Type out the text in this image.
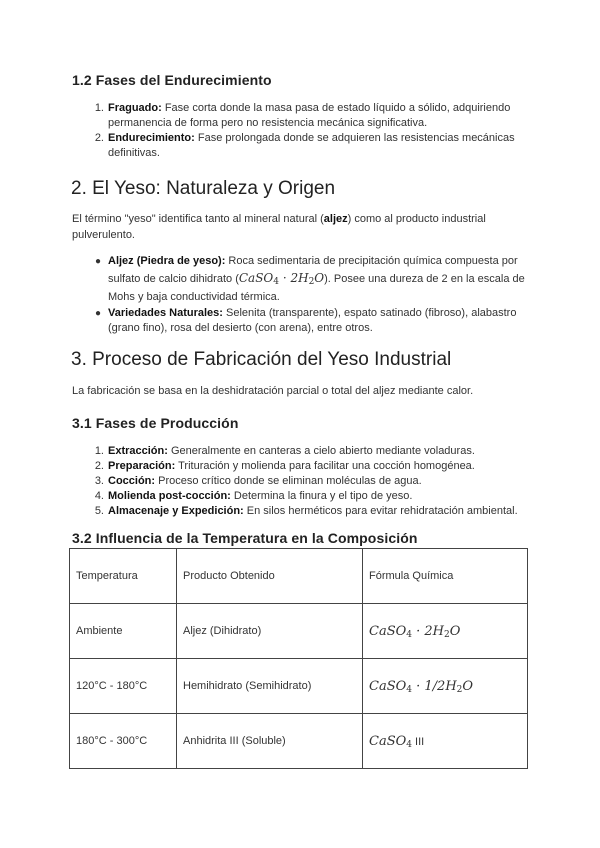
1.2 Fases del Endurecimiento
1. Fraguado: Fase corta donde la masa pasa de estado líquido a sólido, adquiriendo permanencia de forma pero no resistencia mecánica significativa.
2. Endurecimiento: Fase prolongada donde se adquieren las resistencias mecánicas definitivas.
2. El Yeso: Naturaleza y Origen

El término "yeso" identifica tanto al mineral natural (aljez) como al producto industrial pulverulento.

● Aljez (Piedra de yeso): Roca sedimentaria de precipitación química compuesta por sulfato de calcio dihidrato (CaSO4 · 2H2O). Posee una dureza de 2 en la escala de Mohs y baja conductividad térmica.
● Variedades Naturales: Selenita (transparente), espato satinado (fibroso), alabastro (grano fino), rosa del desierto (con arena), entre otros.
3. Proceso de Fabricación del Yeso Industrial

La fabricación se basa en la deshidratación parcial o total del aljez mediante calor.

3.1 Fases de Producción
1. Extracción: Generalmente en canteras a cielo abierto mediante voladuras.
2. Preparación: Trituración y molienda para facilitar una cocción homogénea.
3. Cocción: Proceso crítico donde se eliminan moléculas de agua.
4. Molienda post-cocción: Determina la finura y el tipo de yeso.
5. Almacenaje y Expedición: En silos herméticos para evitar rehidratación ambiental.
3.2 Influencia de la Temperatura en la Composición
Temperatura	Producto Obtenido	Fórmula Química
Ambiente	Aljez (Dihidrato)	CaSO4 · 2H2O
120°C - 180°C	Hemihidrato (Semihidrato)	CaSO4 · 1/2H2O
180°C - 300°C	Anhidrita III (Soluble)	CaSO4 III
